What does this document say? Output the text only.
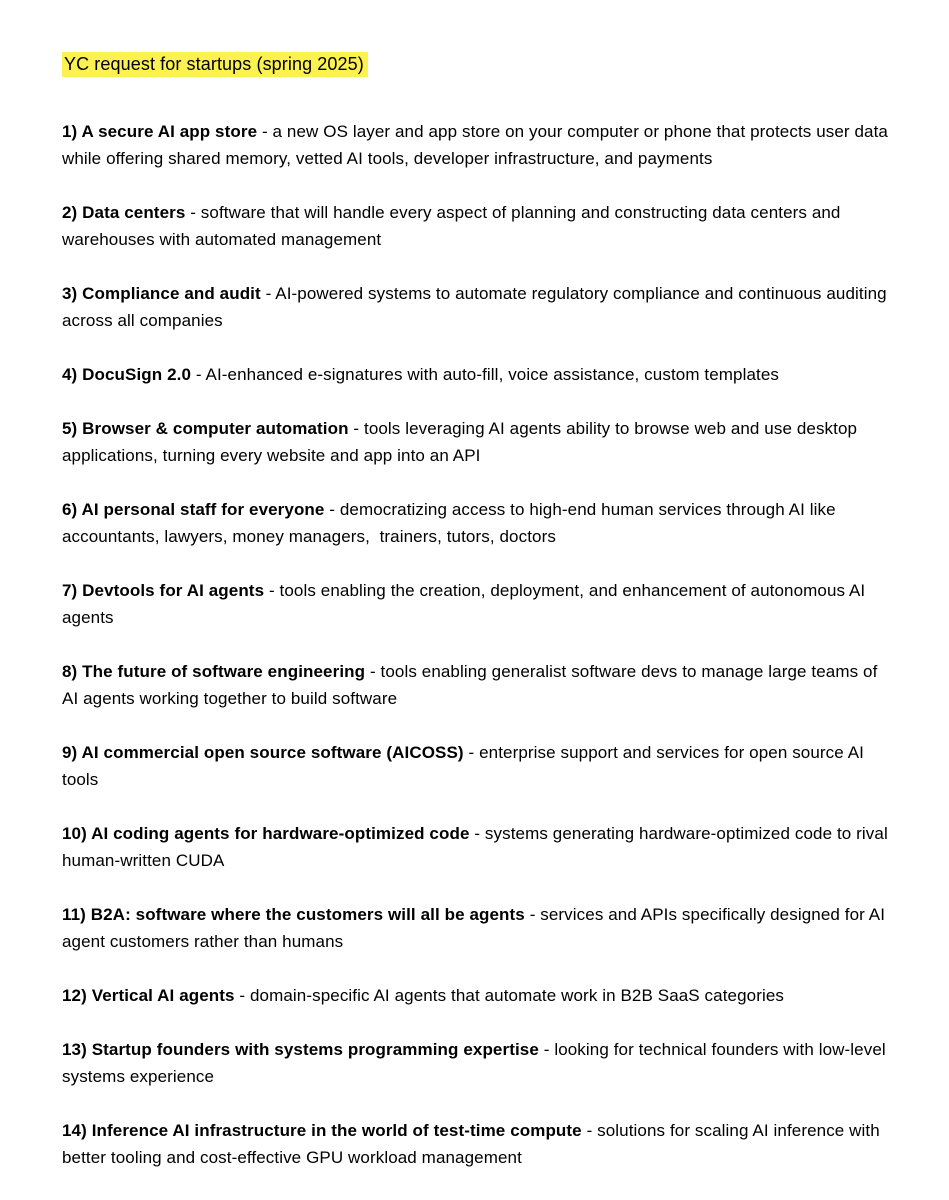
YC request for startups (spring 2025)

1) A secure AI app store - a new OS layer and app store on your computer or phone that protects user data while offering shared memory, vetted AI tools, developer infrastructure, and payments

2) Data centers - software that will handle every aspect of planning and constructing data centers and warehouses with automated management

3) Compliance and audit - AI-powered systems to automate regulatory compliance and continuous auditing across all companies

4) DocuSign 2.0 - AI-enhanced e-signatures with auto-fill, voice assistance, custom templates

5) Browser & computer automation - tools leveraging AI agents ability to browse web and use desktop applications, turning every website and app into an API

6) AI personal staff for everyone - democratizing access to high-end human services through AI like accountants, lawyers, money managers,  trainers, tutors, doctors

7) Devtools for AI agents - tools enabling the creation, deployment, and enhancement of autonomous AI agents

8) The future of software engineering - tools enabling generalist software devs to manage large teams of AI agents working together to build software

9) AI commercial open source software (AICOSS) - enterprise support and services for open source AI tools

10) AI coding agents for hardware-optimized code - systems generating hardware-optimized code to rival human-written CUDA

11) B2A: software where the customers will all be agents - services and APIs specifically designed for AI agent customers rather than humans

12) Vertical AI agents - domain-specific AI agents that automate work in B2B SaaS categories

13) Startup founders with systems programming expertise - looking for technical founders with low-level systems experience

14) Inference AI infrastructure in the world of test-time compute - solutions for scaling AI inference with better tooling and cost-effective GPU workload management
